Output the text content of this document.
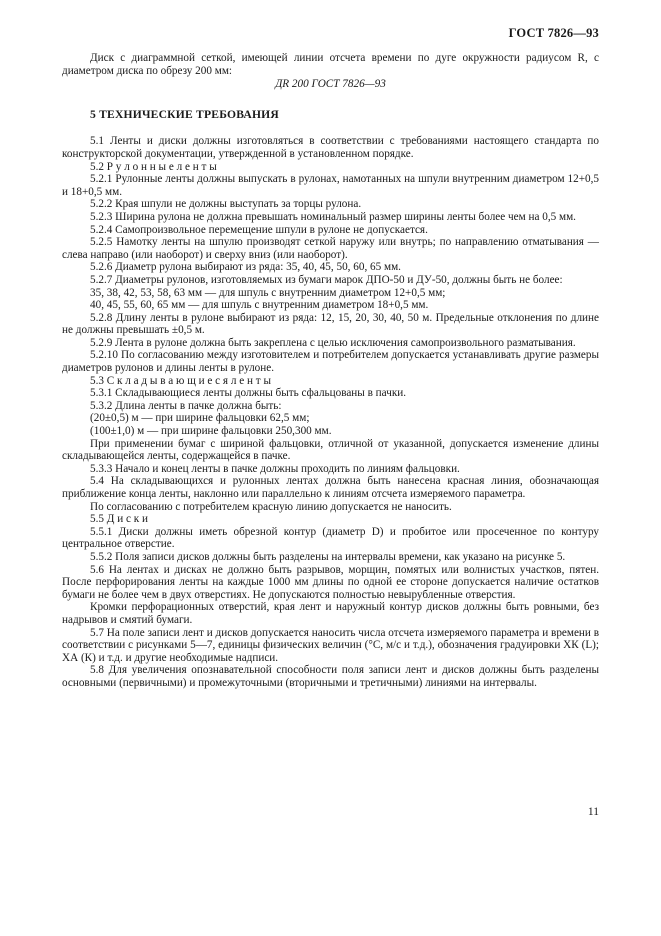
ГОСТ 7826—93

Диск с диаграммной сеткой, имеющей линии отсчета времени по дуге окружности радиусом R, с диаметром диска по обрезу 200 мм:

ДR 200 ГОСТ 7826—93

5 ТЕХНИЧЕСКИЕ ТРЕБОВАНИЯ

5.1 Ленты и диски должны изготовляться в соответствии с требованиями настоящего стандарта по конструкторской документации, утвержденной в установленном порядке.

5.2 Р у л о н н ы е л е н т ы

5.2.1 Рулонные ленты должны выпускать в рулонах, намотанных на шпули внутренним диаметром 12+0,5 и 18+0,5 мм.

5.2.2 Края шпули не должны выступать за торцы рулона.

5.2.3 Ширина рулона не должна превышать номинальный размер ширины ленты более чем на 0,5 мм.

5.2.4 Самопроизвольное перемещение шпули в рулоне не допускается.

5.2.5 Намотку ленты на шпулю производят сеткой наружу или внутрь; по направлению отматывания — слева направо (или наоборот) и сверху вниз (или наоборот).

5.2.6 Диаметр рулона выбирают из ряда: 35, 40, 45, 50, 60, 65 мм.

5.2.7 Диаметры рулонов, изготовляемых из бумаги марок ДПО-50 и ДУ-50, должны быть не более:

35, 38, 42, 53, 58, 63 мм — для шпуль с внутренним диаметром 12+0,5 мм;

40, 45, 55, 60, 65 мм — для шпуль с внутренним диаметром 18+0,5 мм.

5.2.8 Длину ленты в рулоне выбирают из ряда: 12, 15, 20, 30, 40, 50 м. Предельные отклонения по длине не должны превышать ±0,5 м.

5.2.9 Лента в рулоне должна быть закреплена с целью исключения самопроизвольного разматывания.

5.2.10 По согласованию между изготовителем и потребителем допускается устанавливать другие размеры диаметров рулонов и длины ленты в рулоне.

5.3 С к л а д ы в а ю щ и е с я л е н т ы

5.3.1 Складывающиеся ленты должны быть сфальцованы в пачки.

5.3.2 Длина ленты в пачке должна быть:

(20±0,5) м — при ширине фальцовки 62,5 мм;

(100±1,0) м — при ширине фальцовки 250,300 мм.

При применении бумаг с шириной фальцовки, отличной от указанной, допускается изменение длины складывающейся ленты, содержащейся в пачке.

5.3.3 Начало и конец ленты в пачке должны проходить по линиям фальцовки.

5.4 На складывающихся и рулонных лентах должна быть нанесена красная линия, обозначающая приближение конца ленты, наклонно или параллельно к линиям отсчета измеряемого параметра.

По согласованию с потребителем красную линию допускается не наносить.

5.5 Д и с к и

5.5.1 Диски должны иметь обрезной контур (диаметр D) и пробитое или просеченное по контуру центральное отверстие.

5.5.2 Поля записи дисков должны быть разделены на интервалы времени, как указано на рисунке 5.

5.6 На лентах и дисках не должно быть разрывов, морщин, помятых или волнистых участков, пятен. После перфорирования ленты на каждые 1000 мм длины по одной ее стороне допускается наличие остатков бумаги не более чем в двух отверстиях. Не допускаются полностью невырубленные отверстия.

Кромки перфорационных отверстий, края лент и наружный контур дисков должны быть ровными, без надрывов и смятий бумаги.

5.7 На поле записи лент и дисков допускается наносить числа отсчета измеряемого параметра и времени в соответствии с рисунками 5—7, единицы физических величин (°С, м/с и т.д.), обозначения градуировки ХК (L); ХА (К) и т.д. и другие необходимые надписи.

5.8 Для увеличения опознавательной способности поля записи лент и дисков должны быть разделены основными (первичными) и промежуточными (вторичными и третичными) линиями на интервалы.

11
